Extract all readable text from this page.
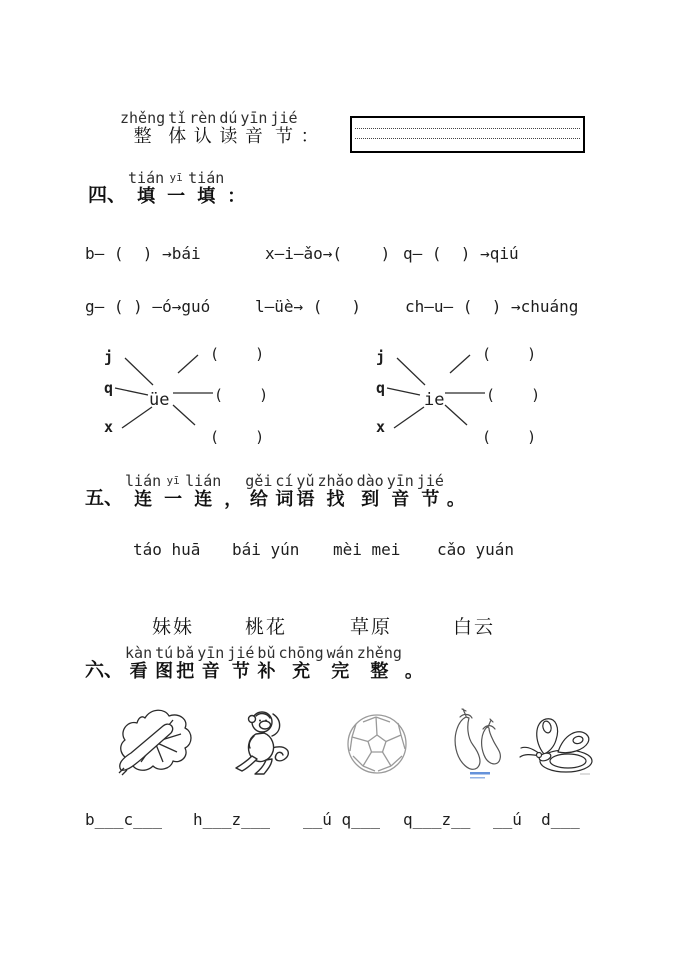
zhěng
整
tǐ
体
rèn
认
dú
读
yīn
音
jié
节 ：
四、
tián
填
yī
一
tián
填 ：
b— (  ) →bái	x—i—ǎo→(    ) q— (  ) →qiú
g— ( ) —ó→guó	l—üè→ (   )	ch—u— (  ) →chuáng
j
q
x
üe
(    )
(    )
(    )
j
q
x
ie
(    )
(    )
(    )
五、
lián
连
yī
一
lián
连 ，
gěi
给
cí
词
yǔ
语
zhǎo
找
dào
到
yīn
音
jié
节 。
táo huā bái yún mèi mei cǎo yuán
妹妹	桃花	草原	白云
六、
kàn
看
tú
图
bǎ
把
yīn
音
jié
节
bǔ
补
chōng
充
wán
完
zhěng
整 。
b___c___ h___z___ __ú q___ q___z__ __ú  d___
